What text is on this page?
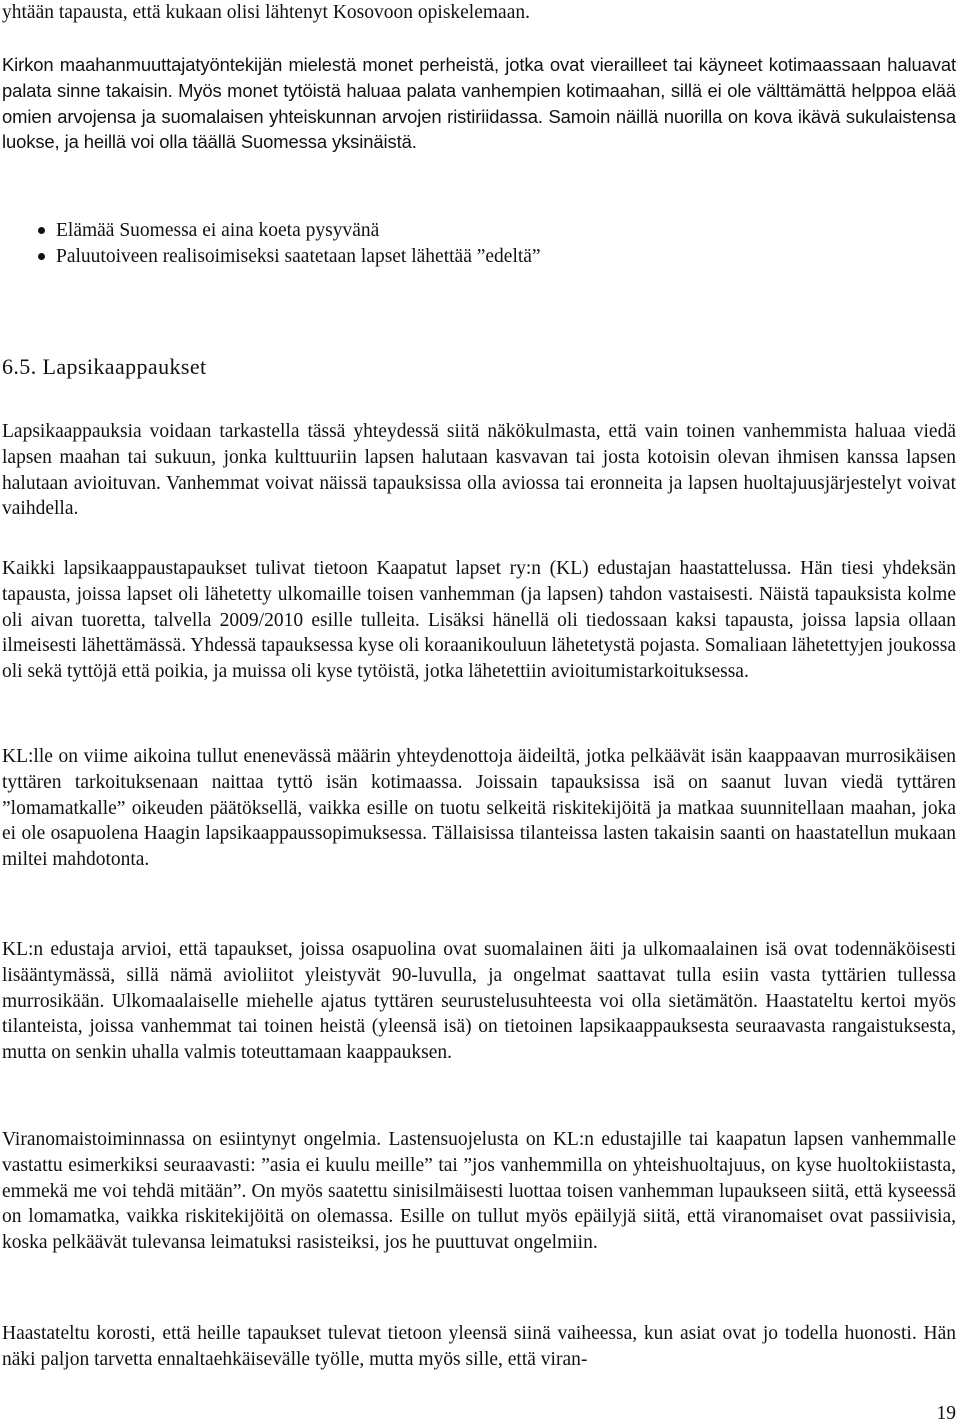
yhtään tapausta, että kukaan olisi lähtenyt Kosovoon opiskelemaan.

Kirkon maahanmuuttajatyöntekijän mielestä monet perheistä, jotka ovat vierailleet tai käyneet kotimaassaan haluavat palata sinne takaisin. Myös monet tytöistä haluaa palata vanhempien kotimaahan, sillä ei ole välttämättä helppoa elää omien arvojensa ja suomalaisen yhteiskunnan arvojen ristiriidassa. Samoin näillä nuorilla on kova ikävä sukulaistensa luokse, ja heillä voi olla täällä Suomessa yksinäistä.

Elämää Suomessa ei aina koeta pysyvänä
Paluutoiveen realisoimiseksi saatetaan lapset lähettää ”edeltä”
6.5. Lapsikaappaukset

Lapsikaappauksia voidaan tarkastella tässä yhteydessä siitä näkökulmasta, että vain toinen vanhemmista haluaa viedä lapsen maahan tai sukuun, jonka kulttuuriin lapsen halutaan kasvavan tai josta kotoisin olevan ihmisen kanssa lapsen halutaan avioituvan. Vanhemmat voivat näissä tapauksissa olla aviossa tai eronneita ja lapsen huoltajuusjärjestelyt voivat vaihdella.

Kaikki lapsikaappaustapaukset tulivat tietoon Kaapatut lapset ry:n (KL) edustajan haastattelussa. Hän tiesi yhdeksän tapausta, joissa lapset oli lähetetty ulkomaille toisen vanhemman (ja lapsen) tahdon vastaisesti. Näistä tapauksista kolme oli aivan tuoretta, talvella 2009/2010 esille tulleita. Lisäksi hänellä oli tiedossaan kaksi tapausta, joissa lapsia ollaan ilmeisesti lähettämässä. Yhdessä tapauksessa kyse oli koraanikouluun lähetetystä pojasta. Somaliaan lähetettyjen joukossa oli sekä tyttöjä että poikia, ja muissa oli kyse tytöistä, jotka lähetettiin avioitumistarkoituksessa.

KL:lle on viime aikoina tullut enenevässä määrin yhteydenottoja äideiltä, jotka pelkäävät isän kaappaavan murrosikäisen tyttären tarkoituksenaan naittaa tyttö isän kotimaassa. Joissain tapauksissa isä on saanut luvan viedä tyttären ”lomamatkalle” oikeuden päätöksellä, vaikka esille on tuotu selkeitä riskitekijöitä ja matkaa suunnitellaan maahan, joka ei ole osapuolena Haagin lapsikaappaussopimuksessa. Tällaisissa tilanteissa lasten takaisin saanti on haastatellun mukaan miltei mahdotonta.

KL:n edustaja arvioi, että tapaukset, joissa osapuolina ovat suomalainen äiti ja ulkomaalainen isä ovat todennäköisesti lisääntymässä, sillä nämä avioliitot yleistyvät 90-luvulla, ja ongelmat saattavat tulla esiin vasta tyttärien tullessa murrosikään. Ulkomaalaiselle miehelle ajatus tyttären seurustelusuhteesta voi olla sietämätön. Haastateltu kertoi myös tilanteista, joissa vanhemmat tai toinen heistä (yleensä isä) on tietoinen lapsikaappauksesta seuraavasta rangaistuksesta, mutta on senkin uhalla valmis toteuttamaan kaappauksen.

Viranomaistoiminnassa on esiintynyt ongelmia. Lastensuojelusta on KL:n edustajille tai kaapatun lapsen vanhemmalle vastattu esimerkiksi seuraavasti: ”asia ei kuulu meille” tai ”jos vanhemmilla on yhteishuoltajuus, on kyse huoltokiistasta, emmekä me voi tehdä mitään”. On myös saatettu sinisilmäisesti luottaa toisen vanhemman lupaukseen siitä, että kyseessä on lomamatka, vaikka riskitekijöitä on olemassa. Esille on tullut myös epäilyjä siitä, että viranomaiset ovat passiivisia, koska pelkäävät tulevansa leimatuksi rasisteiksi, jos he puuttuvat ongelmiin.

Haastateltu korosti, että heille tapaukset tulevat tietoon yleensä siinä vaiheessa, kun asiat ovat jo todella huonosti. Hän näki paljon tarvetta ennaltaehkäisevälle työlle, mutta myös sille, että viran-

19
